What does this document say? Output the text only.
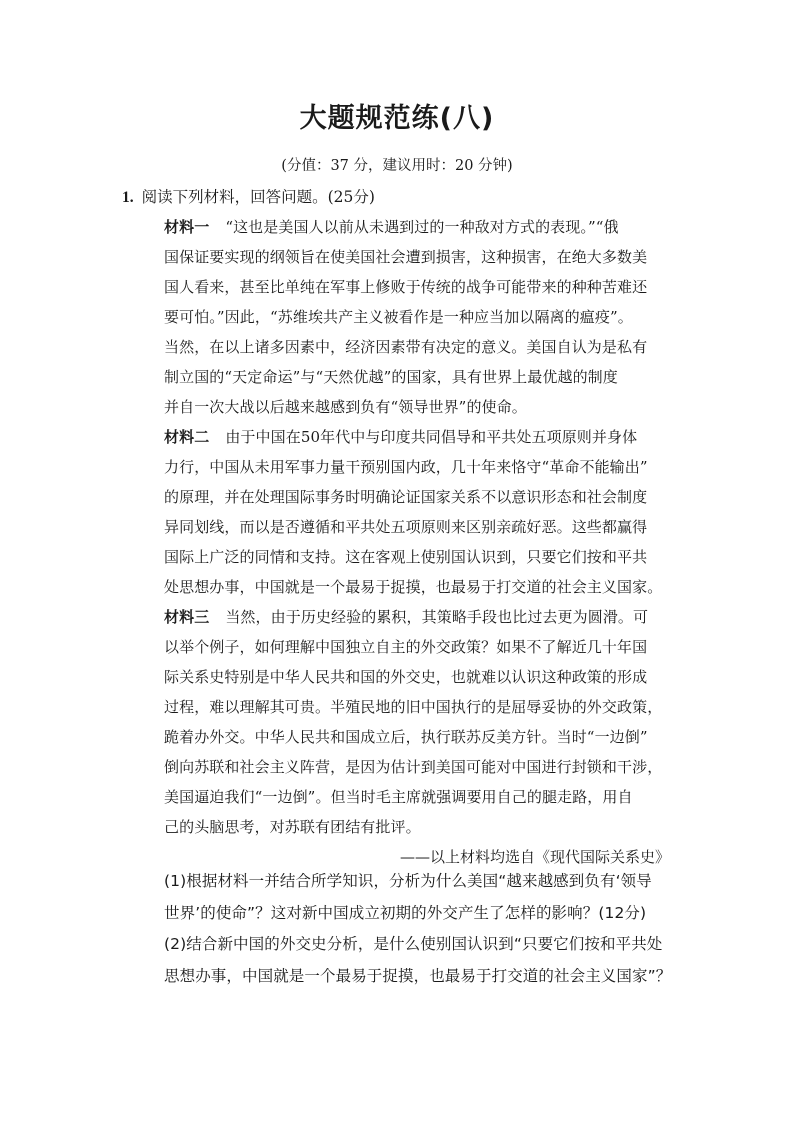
大题规范练(八)
(分值：37 分，建议用时：20 分钟)
1. 阅读下列材料，回答问题。(25分)
材料一 “这也是美国人以前从未遇到过的一种敌对方式的表现。”“俄
国保证要实现的纲领旨在使美国社会遭到损害，这种损害，在绝大多数美
国人看来，甚至比单纯在军事上修败于传统的战争可能带来的种种苦难还
要可怕。”因此，“苏维埃共产主义被看作是一种应当加以隔离的瘟疫”。
当然，在以上诸多因素中，经济因素带有决定的意义。美国自认为是私有
制立国的“天定命运”与“天然优越”的国家，具有世界上最优越的制度
并自一次大战以后越来越感到负有“领导世界”的使命。
材料二 由于中国在50年代中与印度共同倡导和平共处五项原则并身体
力行，中国从未用军事力量干预别国内政，几十年来恪守“革命不能输出”
的原理，并在处理国际事务时明确论证国家关系不以意识形态和社会制度
异同划线，而以是否遵循和平共处五项原则来区别亲疏好恶。这些都赢得
国际上广泛的同情和支持。这在客观上使别国认识到，只要它们按和平共
处思想办事，中国就是一个最易于捉摸，也最易于打交道的社会主义国家。
材料三 当然，由于历史经验的累积，其策略手段也比过去更为圆滑。可
以举个例子，如何理解中国独立自主的外交政策？如果不了解近几十年国
际关系史特别是中华人民共和国的外交史，也就难以认识这种政策的形成
过程，难以理解其可贵。半殖民地的旧中国执行的是屈辱妥协的外交政策，
跪着办外交。中华人民共和国成立后，执行联苏反美方针。当时“一边倒”
倒向苏联和社会主义阵营，是因为估计到美国可能对中国进行封锁和干涉，
美国逼迫我们“一边倒”。但当时毛主席就强调要用自己的腿走路，用自
己的头脑思考，对苏联有团结有批评。
——以上材料均选自《现代国际关系史》
(1)根据材料一并结合所学知识，分析为什么美国“越来越感到负有‘领导
世界’的使命”？这对新中国成立初期的外交产生了怎样的影响？(12分)
(2)结合新中国的外交史分析，是什么使别国认识到“只要它们按和平共处
思想办事，中国就是一个最易于捉摸，也最易于打交道的社会主义国家”？
